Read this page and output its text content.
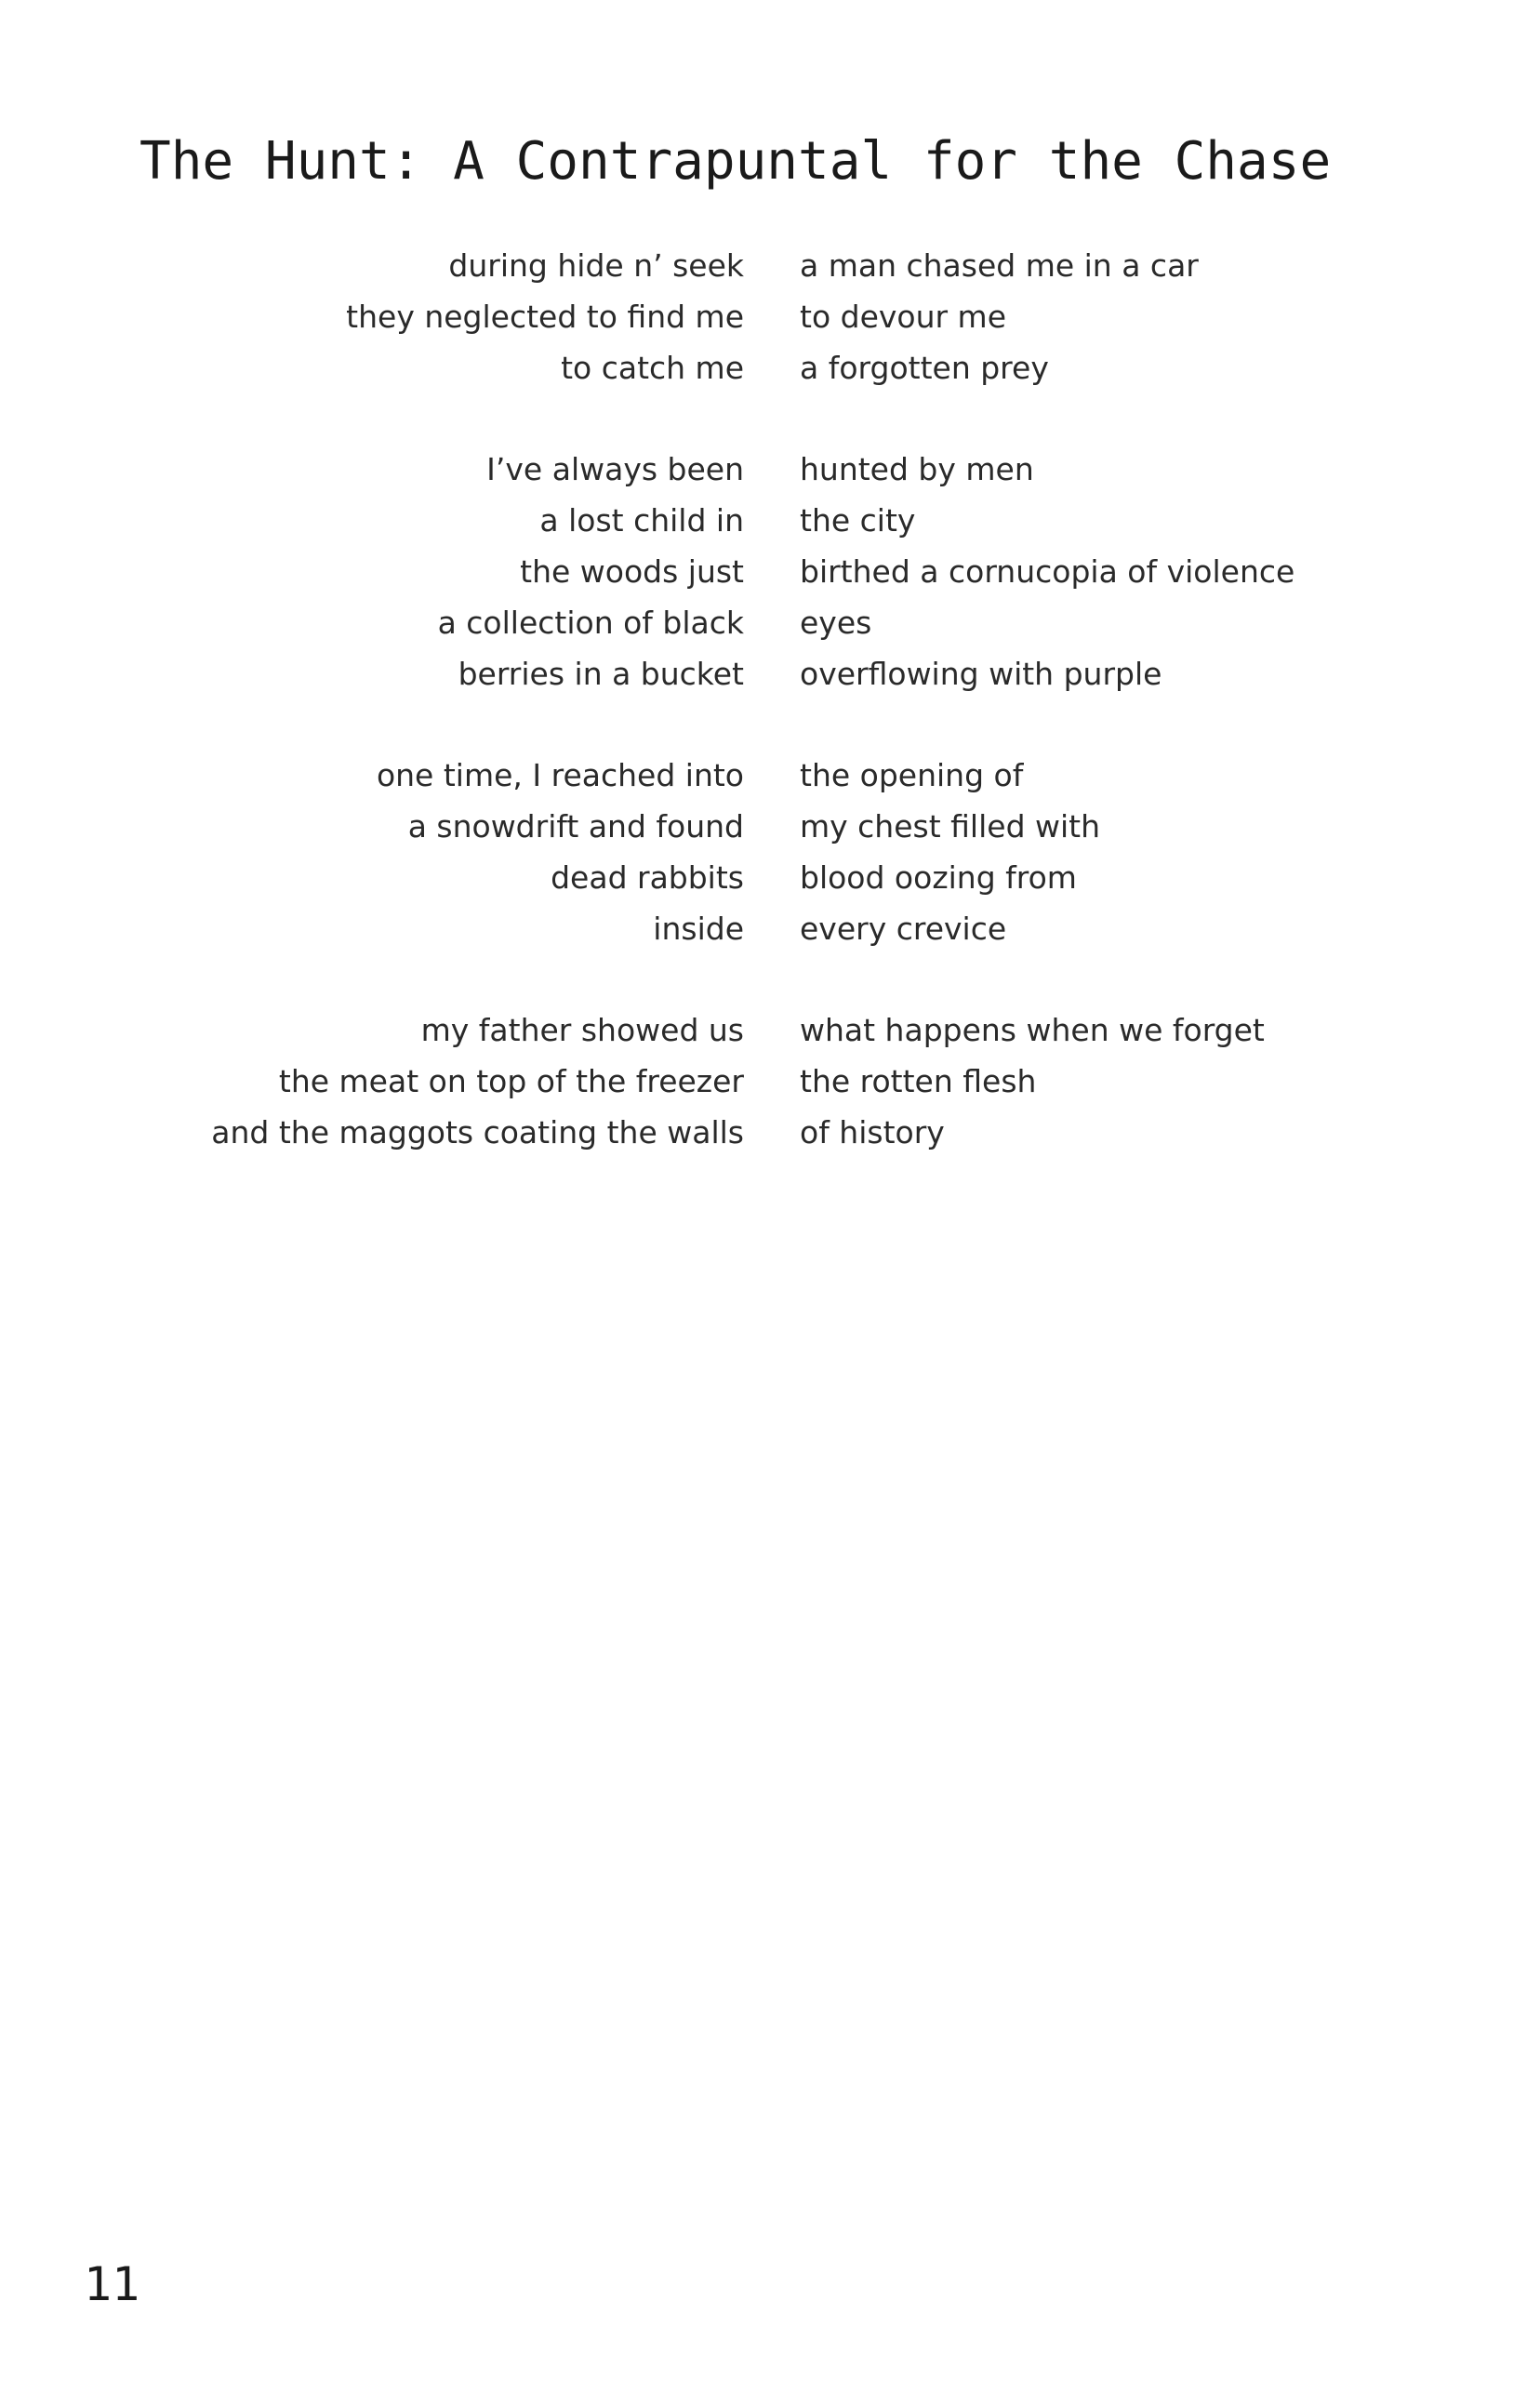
The Hunt: A Contrapuntal for the Chase
during hide n’ seek a man chased me in a car
they neglected to find me to devour me
to catch me a forgotten prey
I’ve always been hunted by men
a lost child in the city
the woods just birthed a cornucopia of violence
a collection of black eyes
berries in a bucket overflowing with purple
one time, I reached into the opening of
a snowdrift and found my chest filled with
dead rabbits blood oozing from
inside every crevice
my father showed us what happens when we forget
the meat on top of the freezer the rotten flesh
and the maggots coating the walls of history
11
